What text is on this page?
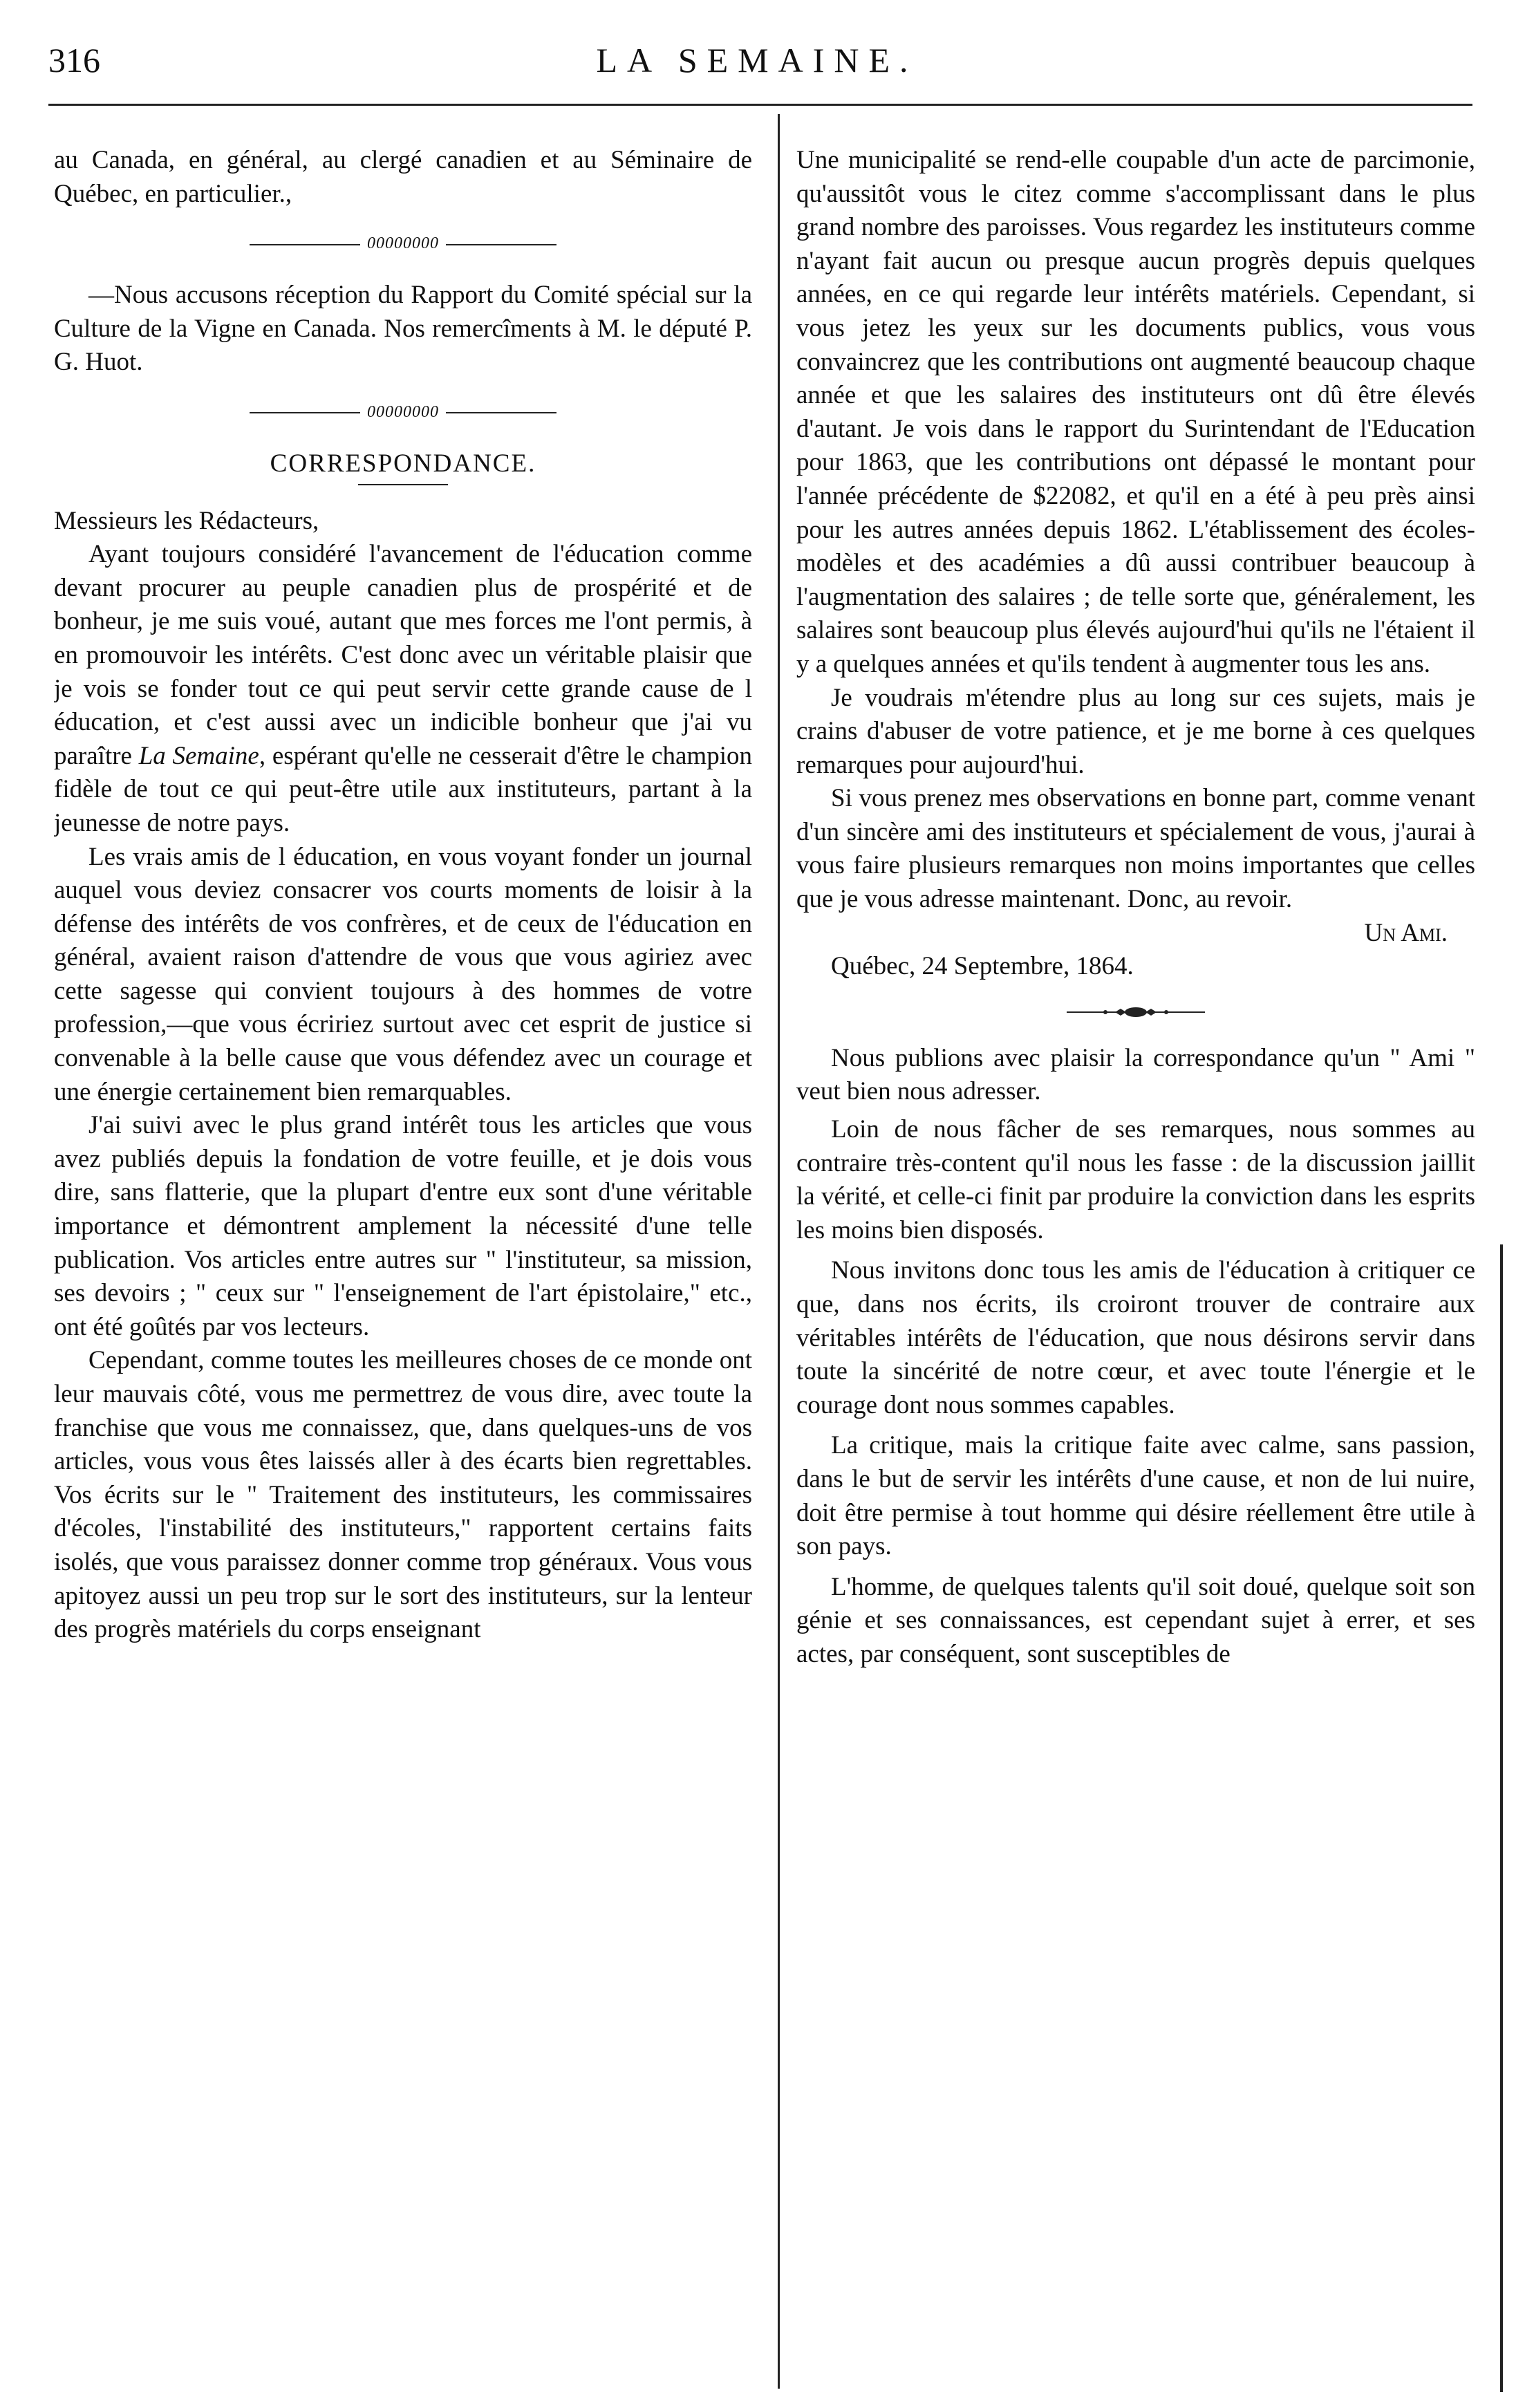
316	LA SEMAINE.

au Canada, en général, au clergé canadien et au Séminaire de Québec, en particulier.,

00000000

—Nous accusons réception du Rapport du Comité spécial sur la Culture de la Vigne en Canada. Nos remercîments à M. le député P. G. Huot.

00000000
CORRESPONDANCE.

Messieurs les Rédacteurs,

Ayant toujours considéré l'avancement de l'éducation comme devant procurer au peuple canadien plus de prospérité et de bonheur, je me suis voué, autant que mes forces me l'ont permis, à en promouvoir les intérêts. C'est donc avec un véritable plaisir que je vois se fonder tout ce qui peut servir cette grande cause de l éducation, et c'est aussi avec un indicible bonheur que j'ai vu paraître La Semaine, espérant qu'elle ne cesserait d'être le champion fidèle de tout ce qui peut-être utile aux instituteurs, partant à la jeunesse de notre pays.

Les vrais amis de l éducation, en vous voyant fonder un journal auquel vous deviez consacrer vos courts moments de loisir à la défense des intérêts de vos confrères, et de ceux de l'éducation en général, avaient raison d'attendre de vous que vous agiriez avec cette sagesse qui convient toujours à des hommes de votre profession,—que vous écririez surtout avec cet esprit de justice si convenable à la belle cause que vous défendez avec un courage et une énergie certainement bien remarquables.

J'ai suivi avec le plus grand intérêt tous les articles que vous avez publiés depuis la fondation de votre feuille, et je dois vous dire, sans flatterie, que la plupart d'entre eux sont d'une véritable importance et démontrent amplement la nécessité d'une telle publication. Vos articles entre autres sur " l'instituteur, sa mission, ses devoirs ; " ceux sur " l'enseignement de l'art épistolaire," etc., ont été goûtés par vos lecteurs.

Cependant, comme toutes les meilleures choses de ce monde ont leur mauvais côté, vous me permettrez de vous dire, avec toute la franchise que vous me connaissez, que, dans quelques-uns de vos articles, vous vous êtes laissés aller à des écarts bien regrettables. Vos écrits sur le " Traitement des instituteurs, les commissaires d'écoles, l'instabilité des instituteurs," rapportent certains faits isolés, que vous paraissez donner comme trop généraux. Vous vous apitoyez aussi un peu trop sur le sort des instituteurs, sur la lenteur des progrès matériels du corps enseignant

Une municipalité se rend-elle coupable d'un acte de parcimonie, qu'aussitôt vous le citez comme s'accomplissant dans le plus grand nombre des paroisses. Vous regardez les instituteurs comme n'ayant fait aucun ou presque aucun progrès depuis quelques années, en ce qui regarde leur intérêts matériels. Cependant, si vous jetez les yeux sur les documents publics, vous vous convaincrez que les contributions ont augmenté beaucoup chaque année et que les salaires des instituteurs ont dû être élevés d'autant. Je vois dans le rapport du Surintendant de l'Education pour 1863, que les contributions ont dépassé le montant pour l'année précédente de $22082, et qu'il en a été à peu près ainsi pour les autres années depuis 1862. L'établissement des écoles-modèles et des académies a dû aussi contribuer beaucoup à l'augmentation des salaires ; de telle sorte que, généralement, les salaires sont beaucoup plus élevés aujourd'hui qu'ils ne l'étaient il y a quelques années et qu'ils tendent à augmenter tous les ans.

Je voudrais m'étendre plus au long sur ces sujets, mais je crains d'abuser de votre patience, et je me borne à ces quelques remarques pour aujourd'hui.

Si vous prenez mes observations en bonne part, comme venant d'un sincère ami des instituteurs et spécialement de vous, j'aurai à vous faire plusieurs remarques non moins importantes que celles que je vous adresse maintenant. Donc, au revoir.

Un Ami.

Québec, 24 Septembre, 1864.

Nous publions avec plaisir la correspondance qu'un " Ami " veut bien nous adresser.

Loin de nous fâcher de ses remarques, nous sommes au contraire très-content qu'il nous les fasse : de la discussion jaillit la vérité, et celle-ci finit par produire la conviction dans les esprits les moins bien disposés.

Nous invitons donc tous les amis de l'éducation à critiquer ce que, dans nos écrits, ils croiront trouver de contraire aux véritables intérêts de l'éducation, que nous désirons servir dans toute la sincérité de notre cœur, et avec toute l'énergie et le courage dont nous sommes capables.

La critique, mais la critique faite avec calme, sans passion, dans le but de servir les intérêts d'une cause, et non de lui nuire, doit être permise à tout homme qui désire réellement être utile à son pays.

L'homme, de quelques talents qu'il soit doué, quelque soit son génie et ses connaissances, est cependant sujet à errer, et ses actes, par conséquent, sont susceptibles de
